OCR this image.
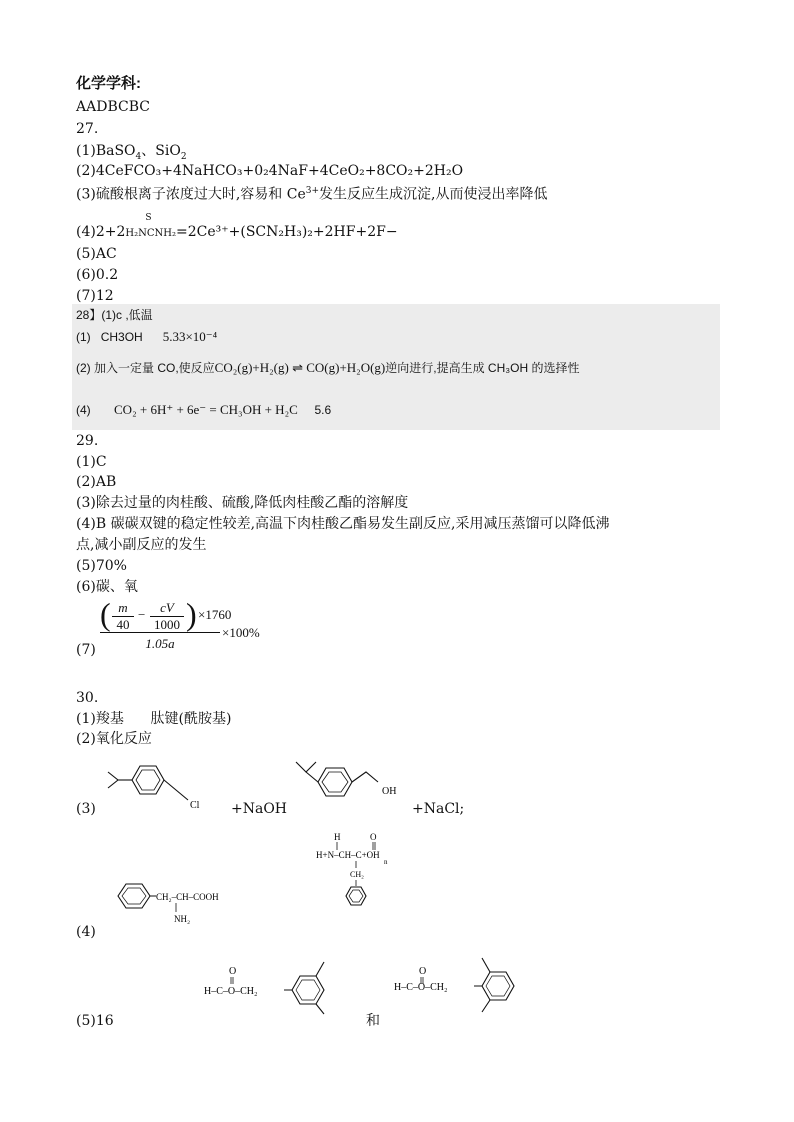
化学学科:
AADBCBC
27.
(1)BaSO$_4$、SiO$_2$
(2)4CeFCO₃+4NaHCO₃+0₂4NaF+4CeO₂+8CO₂+2H₂O
(3)硫酸根离子浓度过大时,容易和 $Ce^{3+}$发生反应生成沉淀,从而使浸出率降低
(4)2+2
S
H₂NCNH₂=2Ce³⁺+(SCN₂H₃)₂+2HF+2F−
(5)AC
(6)0.2
(7)12
28】(1)c ,低温
(1) CH3OH 5.33×10⁻⁴
(2) 加入一定量 CO,使反应CO₂(g)+H₂(g) ⇌ CO(g)+H₂O(g)逆向进行,提高生成 CH₃OH 的选择性
(4) CO₂ + 6H⁺ + 6e⁻ = CH₃OH + H₂C 5.6
29.
(1)C
(2)AB
(3)除去过量的肉桂酸、硫酸,降低肉桂酸乙酯的溶解度
(4)B 碳碳双键的稳定性较差,高温下肉桂酸乙酯易发生副反应,采用减压蒸馏可以降低沸
点,减小副反应的发生
(5)70%
(6)碳、氧
(7)
( m
40
−	cV
1000 ) ×1760
×100%
1.05a
30.
(1)羧基 肽键(酰胺基)
(2)氧化反应
(3)	Cl +NaOH
OH
+NaCl;
(4)
CH₂–CH–COOH
NH₂
H	O
H+N–CH–C+OH
n
CH₂
(5)16
O
H–C–O–CH₂
和
O
H–C–O–CH₂
